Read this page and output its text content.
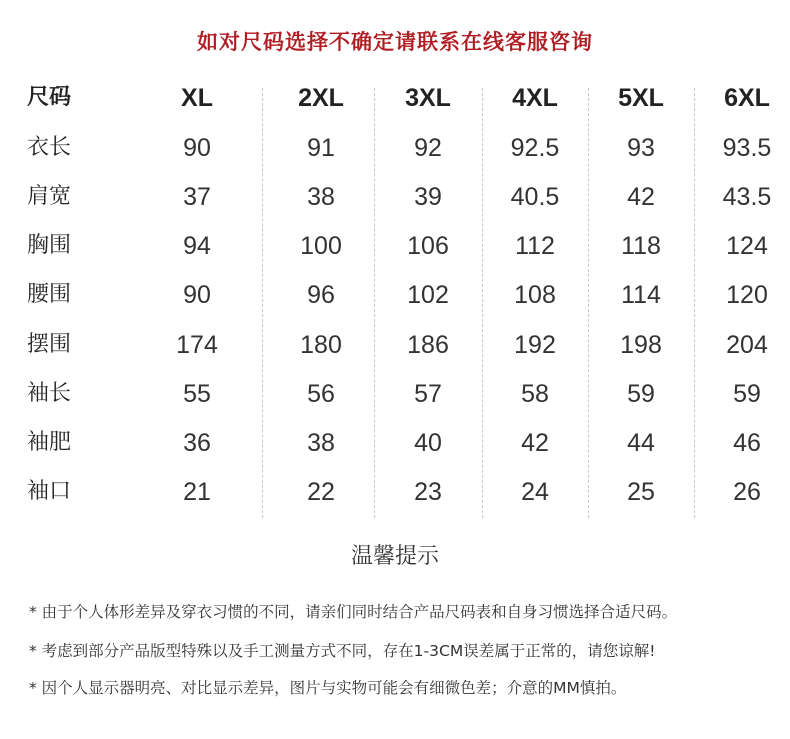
如对尺码选择不确定请联系在线客服咨询
尺码	XL	2XL	3XL	4XL	5XL	6XL
衣长	90	91	92	92.5	93	93.5
肩宽	37	38	39	40.5	42	43.5
胸围	94	100	106	112	118	124
腰围	90	96	102	108	114	120
摆围	174	180	186	192	198	204
袖长	55	56	57	58	59	59
袖肥	36	38	40	42	44	46
袖口	21	22	23	24	25	26
温馨提示
* 由于个人体形差异及穿衣习惯的不同，请亲们同时结合产品尺码表和自身习惯选择合适尺码。
* 考虑到部分产品版型特殊以及手工测量方式不同，存在1-3CM误差属于正常的，请您谅解!
* 因个人显示器明亮、对比显示差异，图片与实物可能会有细微色差；介意的MM慎拍。
